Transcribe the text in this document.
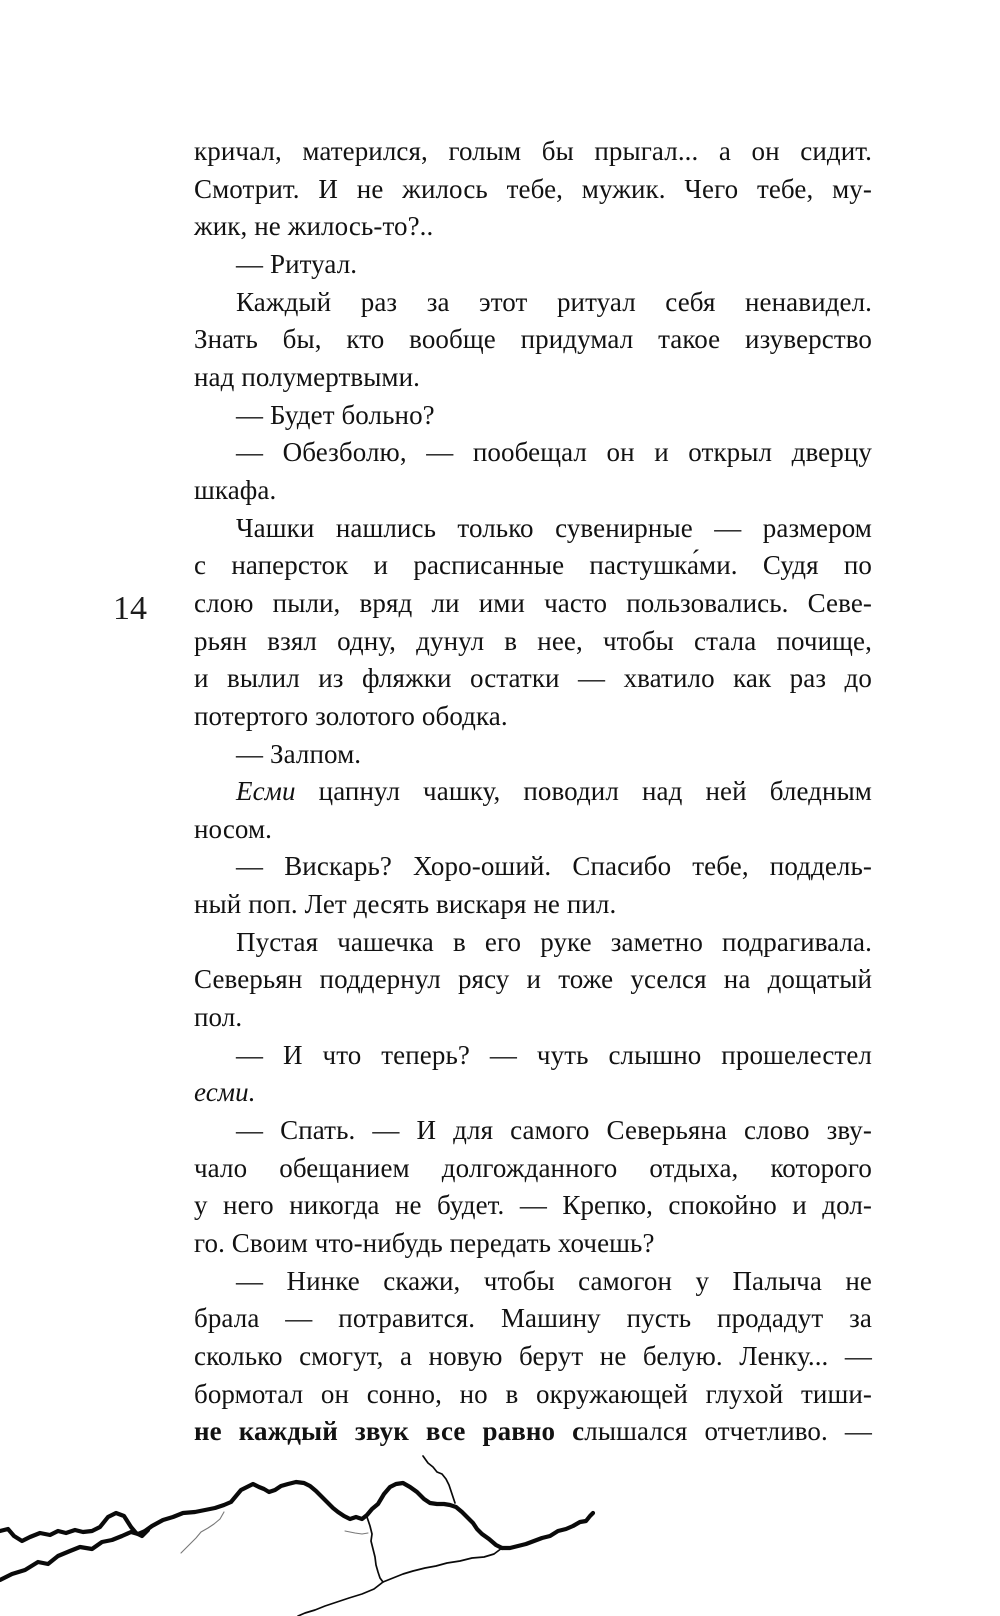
14
кричал, матерился, голым бы прыгал... а он сидит.
Смотрит. И не жилось тебе, мужик. Чего тебе, му-
жик, не жилось-то?..
— Ритуал.
Каждый раз за этот ритуал себя ненавидел.
Знать бы, кто вообще придумал такое изуверство
над полумертвыми.
— Будет больно?
— Обезболю, — пообещал он и открыл дверцу
шкафа.
Чашки нашлись только сувенирные — размером
с наперсток и расписанные пастушка́ми. Судя по
слою пыли, вряд ли ими часто пользовались. Севе-
рьян взял одну, дунул в нее, чтобы стала почище,
и вылил из фляжки остатки — хватило как раз до
потертого золотого ободка.
— Залпом.
Есми цапнул чашку, поводил над ней бледным
носом.
— Вискарь? Хоро-оший. Спасибо тебе, поддель-
ный поп. Лет десять вискаря не пил.
Пустая чашечка в его руке заметно подрагивала.
Северьян поддернул рясу и тоже уселся на дощатый
пол.
— И что теперь? — чуть слышно прошелестел
есми.
— Спать. — И для самого Северьяна слово зву-
чало обещанием долгожданного отдыха, которого
у него никогда не будет. — Крепко, спокойно и дол-
го. Своим что-нибудь передать хочешь?
— Нинке скажи, чтобы самогон у Палыча не
брала — потравится. Машину пусть продадут за
сколько смогут, а новую берут не белую. Ленку... —
бормотал он сонно, но в окружающей глухой тиши-
не каждый звук все равно слышался отчетливо. —
